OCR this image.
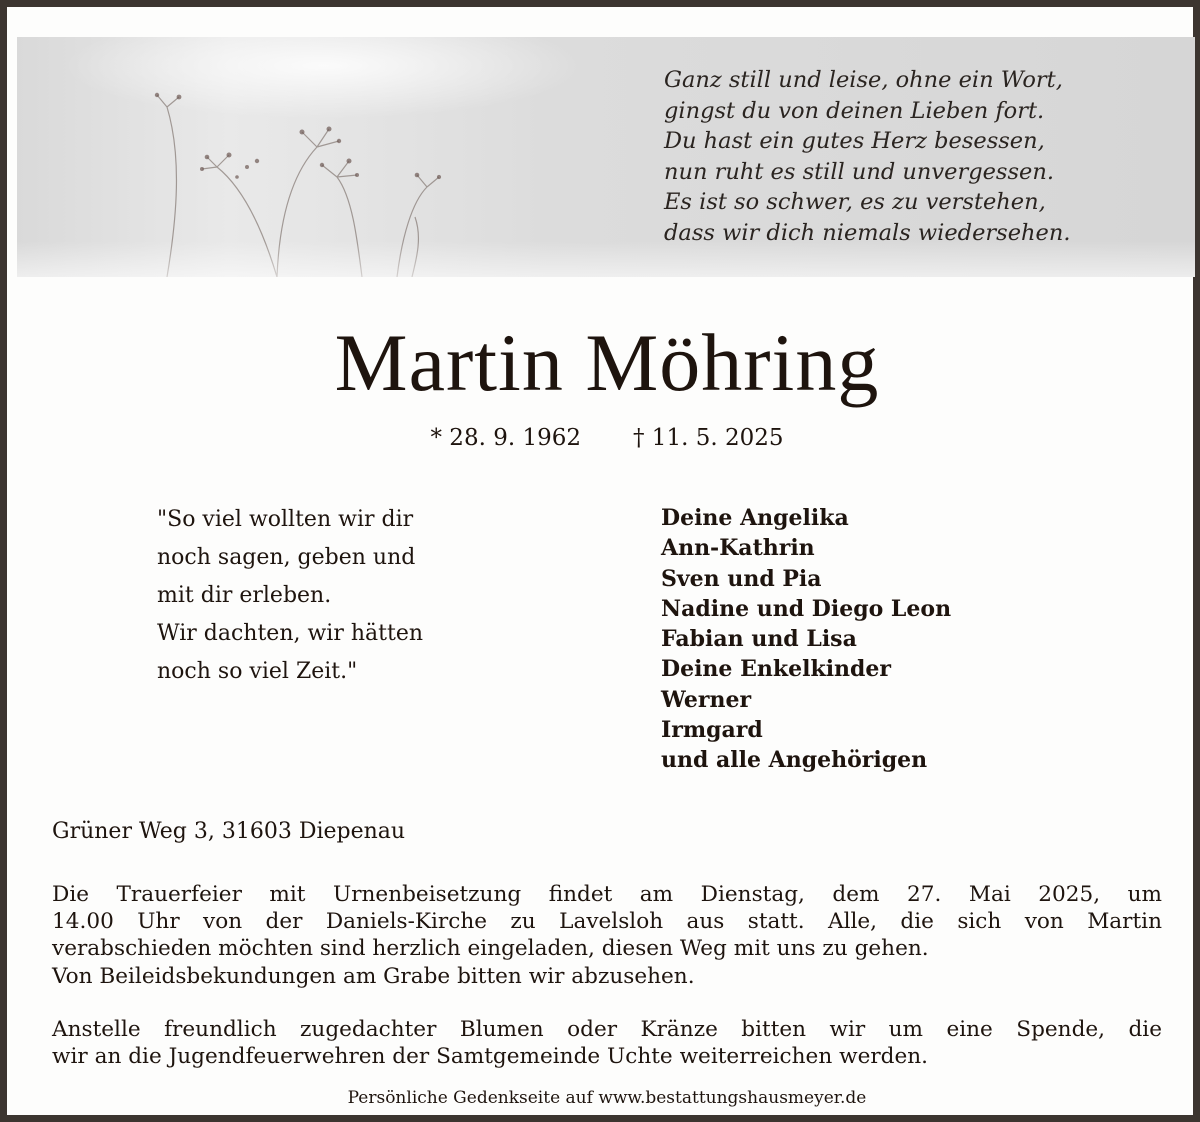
Ganz still und leise, ohne ein Wort,
gingst du von deinen Lieben fort.
Du hast ein gutes Herz besessen,
nun ruht es still und unvergessen.
Es ist so schwer, es zu verstehen,
dass wir dich niemals wiedersehen.
Martin Möhring
* 28. 9. 1962 † 11. 5. 2025
"So viel wollten wir dir
noch sagen, geben und
mit dir erleben.
Wir dachten, wir hätten
noch so viel Zeit."
Deine Angelika
Ann-Kathrin
Sven und Pia
Nadine und Diego Leon
Fabian und Lisa
Deine Enkelkinder
Werner
Irmgard
und alle Angehörigen
Grüner Weg 3, 31603 Diepenau

Die Trauerfeier mit Urnenbeisetzung findet am Dienstag, dem 27. Mai 2025, um
14.00 Uhr von der Daniels-Kirche zu Lavelsloh aus statt. Alle, die sich von Martin
verabschieden möchten sind herzlich eingeladen, diesen Weg mit uns zu gehen.
Von Beileidsbekundungen am Grabe bitten wir abzusehen.

Anstelle freundlich zugedachter Blumen oder Kränze bitten wir um eine Spende, die
wir an die Jugendfeuerwehren der Samtgemeinde Uchte weiterreichen werden.

Persönliche Gedenkseite auf www.bestattungshausmeyer.de
